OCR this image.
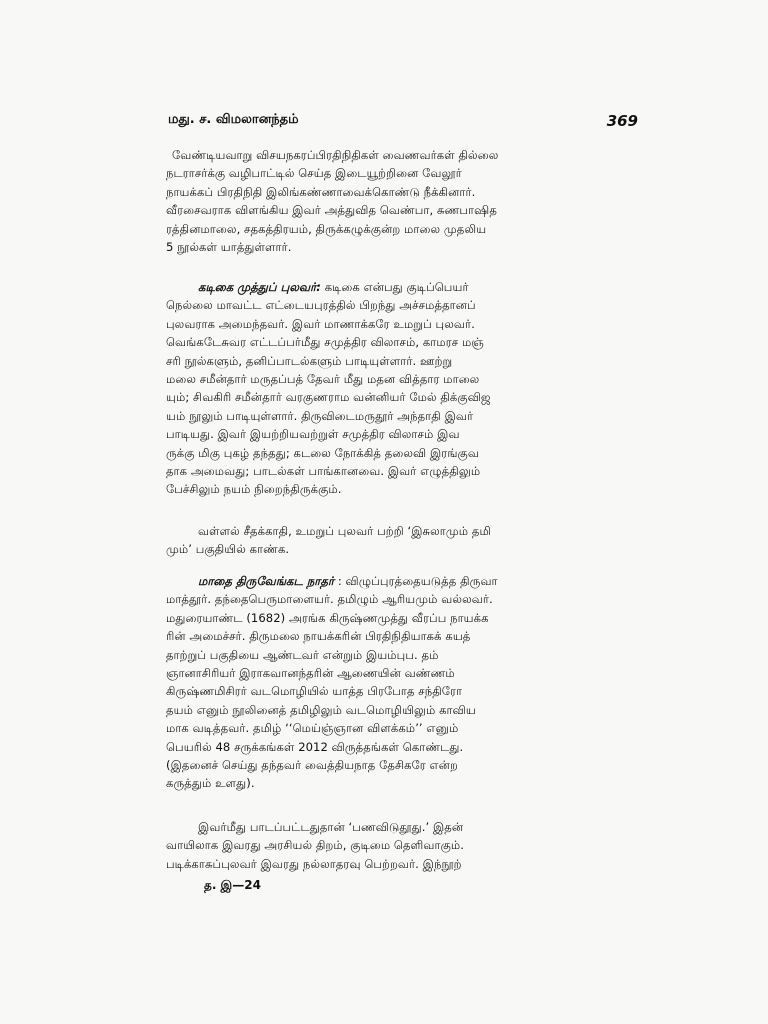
மது. ச. விமலானந்தம்	369
வேண்டியவாறு விசயநகரப்பிரதிநிதிகள் வைணவர்கள் தில்லை
நடராசர்க்கு வழிபாட்டில் செய்த இடையூற்றினை வேலூர்
நாயக்கப் பிரதிநிதி இலிங்கண்ணாவைக்கொண்டு நீக்கினார்.
வீரசைவராக விளங்கிய இவர் அத்துவித வெண்பா, சுணபாஷித
ரத்தினமாலை, சதகத்திரயம், திருக்கழுக்குன்ற மாலை முதலிய
5 நூல்கள் யாத்துள்ளார்.
கடிகை முத்துப் புலவர்: கடிகை என்பது குடிப்பெயர்
நெல்லை மாவட்ட எட்டையபுரத்தில் பிறந்து அச்சமத்தானப்
புலவராக அமைந்தவர். இவர் மாணாக்கரே உமறுப் புலவர்.
வெங்கடேசுவர எட்டப்பர்மீது சமுத்திர விலாசம், காமரச மஞ்
சரி நூல்களும், தனிப்பாடல்களும் பாடியுள்ளார். ஊற்று
மலை சமீன்தார் மருதப்பத் தேவர் மீது மதன வித்தார மாலை
யும்; சிவகிரி சமீன்தார் வரகுணராம வன்னியர் மேல் திக்குவிஜ
யம் நூலும் பாடியுள்ளார். திருவிடைமருதூர் அந்தாதி இவர்
பாடியது. இவர் இயற்றியவற்றுள் சமுத்திர விலாசம் இவ
ருக்கு மிகு புகழ் தந்தது; கடலை நோக்கித் தலைவி இரங்குவ
தாக அமைவது; பாடல்கள் பாங்கானவை. இவர் எழுத்திலும்
பேச்சிலும் நயம் நிறைந்திருக்கும்.
வள்ளல் சீதக்காதி, உமறுப் புலவர் பற்றி ‘இசுலாமும் தமி
மும்’ பகுதியில் காண்க.
மாதை திருவேங்கட நாதர் : விழுப்புரத்தையடுத்த திருவா
மாத்தூர். தந்தைபெருமாளையர். தமிழும் ஆரியமும் வல்லவர்.
மதுரையாண்ட (1682) அரங்க கிருஷ்ணமுத்து வீரப்ப நாயக்க
ரின் அமைச்சர். திருமலை நாயக்கரின் பிரதிநிதியாகக் கயத்
தாற்றுப் பகுதியை ஆண்டவர் என்றும் இயம்புப. தம்
ஞானாசிரியர் இராகவானந்தரின் ஆணையின் வண்ணம்
கிருஷ்ணமிசிரர் வடமொழியில் யாத்த பிரபோத சந்திரோ
தயம் எனும் நூலினைத் தமிழிலும் வடமொழியிலும் காவிய
மாக வடித்தவர். தமிழ் ‘‘மெய்ஞ்ஞான விளக்கம்’’ எனும்
பெயரில் 48 சருக்கங்கள் 2012 விருத்தங்கள் கொண்டது.
(இதனைச் செய்து தந்தவர் வைத்தியநாத தேசிகரே என்ற
கருத்தும் உளது).
இவர்மீது பாடப்பட்டதுதான் ‘பணவிடுதூது.’ இதன்
வாயிலாக இவரது அரசியல் திறம், குடிமை தெளிவாகும்.
படிக்காசுப்புலவர் இவரது நல்லாதரவு பெற்றவர். இந்நூற்
த. இ—24
